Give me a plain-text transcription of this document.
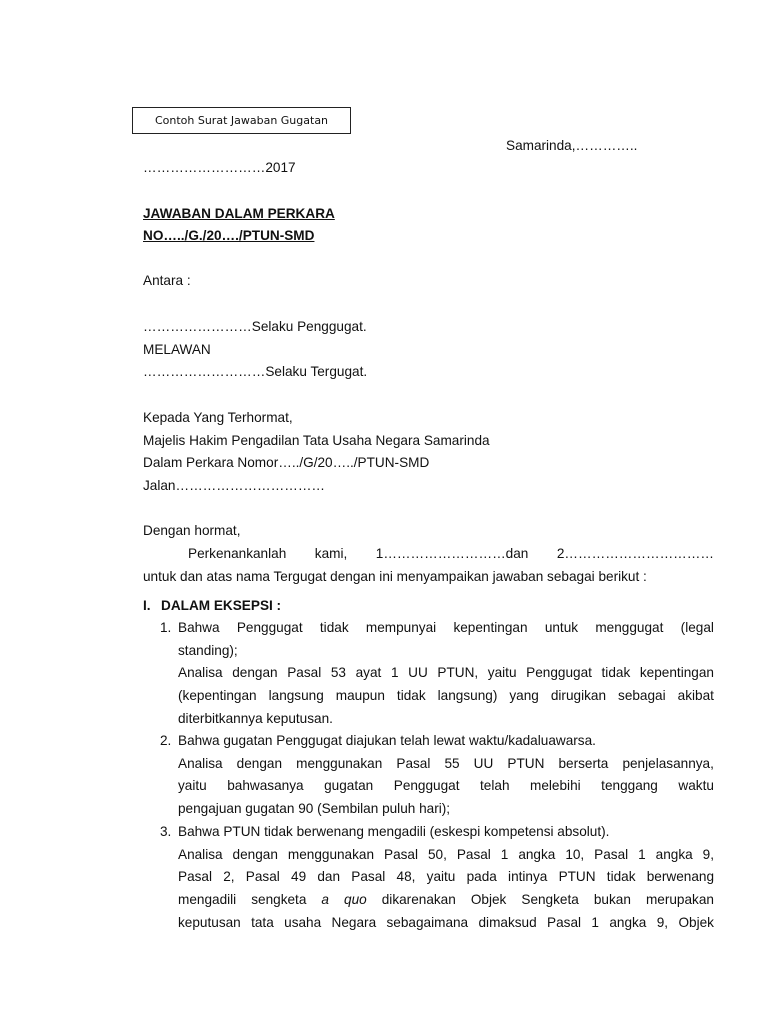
Contoh Surat Jawaban Gugatan
Samarinda,…………..
………………………2017
JAWABAN DALAM PERKARA
NO…../G./20…./PTUN-SMD
Antara :
……………………Selaku Penggugat.
MELAWAN
………………………Selaku Tergugat.
Kepada Yang Terhormat,
Majelis Hakim Pengadilan Tata Usaha Negara Samarinda
Dalam Perkara Nomor…../G/20…../PTUN-SMD
Jalan……………………………
Dengan hormat,
Perkenankanlah kami, 1………………………dan 2……………………………
untuk dan atas nama Tergugat dengan ini menyampaikan jawaban sebagai berikut :
I. DALAM EKSEPSI :
1. Bahwa Penggugat tidak mempunyai kepentingan untuk menggugat (legal
standing);
Analisa dengan Pasal 53 ayat 1 UU PTUN, yaitu Penggugat tidak kepentingan
(kepentingan langsung maupun tidak langsung) yang dirugikan sebagai akibat
diterbitkannya keputusan.
2. Bahwa gugatan Penggugat diajukan telah lewat waktu/kadaluawarsa.
Analisa dengan menggunakan Pasal 55 UU PTUN berserta penjelasannya,
yaitu bahwasanya gugatan Penggugat telah melebihi tenggang waktu
pengajuan gugatan 90 (Sembilan puluh hari);
3. Bahwa PTUN tidak berwenang mengadili (eskespi kompetensi absolut).
Analisa dengan menggunakan Pasal 50, Pasal 1 angka 10, Pasal 1 angka 9,
Pasal 2, Pasal 49 dan Pasal 48, yaitu pada intinya PTUN tidak berwenang
mengadili sengketa a quo dikarenakan Objek Sengketa bukan merupakan
keputusan tata usaha Negara sebagaimana dimaksud Pasal 1 angka 9, Objek
